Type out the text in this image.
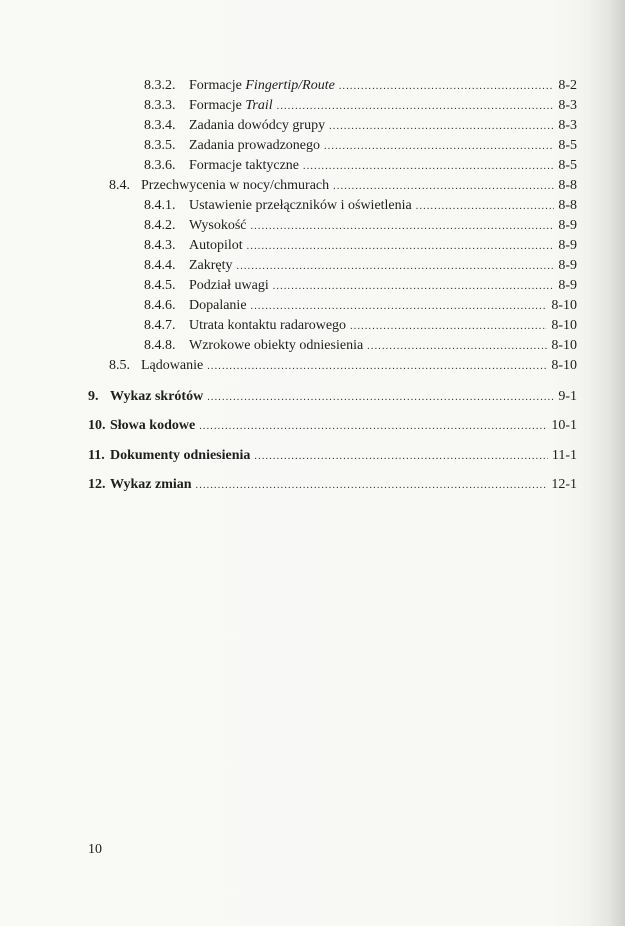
8.3.2. Formacje Fingertip/Route .....	8-2
8.3.3. Formacje Trail .....	8-3
8.3.4. Zadania dowódcy grupy .....	8-3
8.3.5. Zadania prowadzonego .....	8-5
8.3.6. Formacje taktyczne .....	8-5
8.4. Przechwycenia w nocy/chmurach .....	8-8
8.4.1. Ustawienie przełączników i oświetlenia .....	8-8
8.4.2. Wysokość .....	8-9
8.4.3. Autopilot .....	8-9
8.4.4. Zakręty .....	8-9
8.4.5. Podział uwagi .....	8-9
8.4.6. Dopalanie .....	8-10
8.4.7. Utrata kontaktu radarowego .....	8-10
8.4.8. Wzrokowe obiekty odniesienia .....	8-10
8.5. Lądowanie .....	8-10
9. Wykaz skrótów .....	9-1
10. Słowa kodowe .....	10-1
11. Dokumenty odniesienia .....	11-1
12. Wykaz zmian .....	12-1
10
